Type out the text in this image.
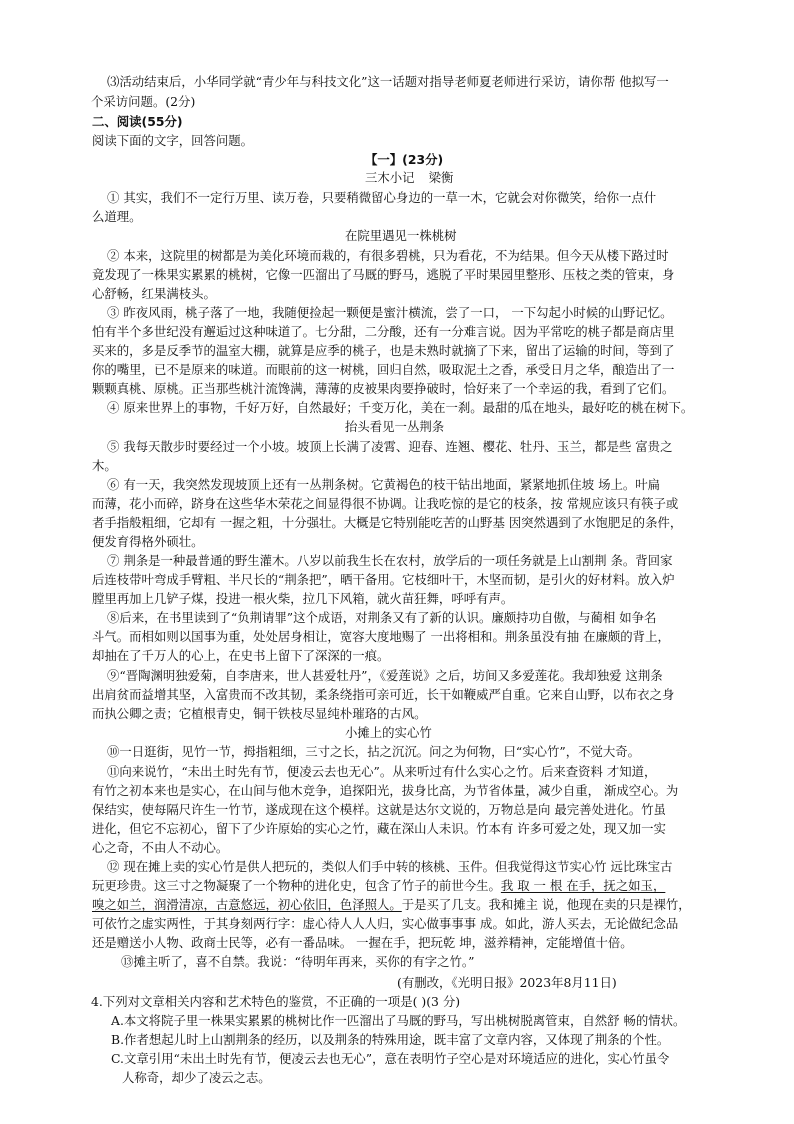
⑶活动结束后，小华同学就“青少年与科技文化”这一话题对指导老师夏老师进行采访，请你帮 他拟写一
个采访问题。(2分)
二、阅读(55分)
阅读下面的文字，回答问题。
【一】(23分)
三木小记 梁衡
① 其实，我们不一定行万里、读万卷，只要稍微留心身边的一草一木，它就会对你微笑，给你一点什
么道理。
在院里遇见一株桃树
② 本来，这院里的树都是为美化环境而栽的，有很多碧桃，只为看花，不为结果。但今天从楼下路过时
竟发现了一株果实累累的桃树，它像一匹溜出了马厩的野马，逃脱了平时果园里整形、压枝之类的管束，身
心舒畅，红果满枝头。
③ 昨夜风雨，桃子落了一地，我随便捡起一颗便是蜜汁横流，尝了一口， 一下勾起小时候的山野记忆。
怕有半个多世纪没有邂逅过这种味道了。七分甜，二分酸，还有一分难言说。因为平常吃的桃子都是商店里
买来的，多是反季节的温室大棚，就算是应季的桃子，也是未熟时就摘了下来，留出了运输的时间，等到了
你的嘴里，已不是原来的味道。而眼前的这一树桃，回归自然，吸取泥土之香，承受日月之华，酿造出了一
颗颗真桃、原桃。正当那些桃汁流馋满，薄薄的皮被果肉要挣破时，恰好来了一个幸运的我，看到了它们。
④ 原来世界上的事物，千好万好，自然最好；千变万化，美在一刹。最甜的瓜在地头，最好吃的桃在树下。
抬头看见一丛荆条
⑤ 我每天散步时要经过一个小坡。坡顶上长满了凌霄、迎春、连翘、樱花、牡丹、玉兰，都是些 富贵之
木。
⑥ 有一天，我突然发现坡顶上还有一丛荆条树。它黄褐色的枝干钻出地面，紧紧地抓住坡 场上。叶扁
而薄，花小而碎，跻身在这些华木荣花之间显得很不协调。让我吃惊的是它的枝条，按 常规应该只有筷子或
者手指般粗细，它却有 一握之粗，十分强壮。大概是它特别能吃苦的山野基 因突然遇到了水饱肥足的条件，
便发育得格外硕壮。
⑦ 荆条是一种最普通的野生灌木。八岁以前我生长在农村，放学后的一项任务就是上山割荆 条。背回家
后连枝带叶弯成手臂粗、半尺长的“荆条把”，晒干备用。它枝细叶干，木坚而韧，是引火的好材料。放入炉
膛里再加上几铲子煤，投进一根火柴，拉几下风箱，就火苗狂舞，呼呼有声。
⑧后来，在书里读到了“负荆请罪”这个成语，对荆条又有了新的认识。廉颇持功自傲，与蔺相 如争名
斗气。而相如则以国事为重，处处居身相让，宽容大度地赐了 一出将相和。荆条虽没有抽 在廉颇的背上，
却抽在了千万人的心上，在史书上留下了深深的一痕。
⑨“晋陶渊明独爱菊，自李唐来，世人甚爱牡丹”，《爱莲说》之后，坊间又多爱莲花。我却独爱 这荆条
出肩贫而益增其坚，入富贵而不改其韧，柔条绕指可亲可近，长干如鞭威严自重。它来自山野，以布衣之身
而执公卿之责；它植根青史，铜干铁枝尽显纯朴璀珞的古风。
小摊上的实心竹
⑩一日逛街，见竹一节，拇指粗细，三寸之长，拈之沉沉。问之为何物，曰“实心竹”，不觉大奇。
⑪向来说竹，“未出土时先有节，便凌云去也无心”。从来听过有什么实心之竹。后来查资料 才知道，
有竹之初本来也是实心，在山间与他木竞争，追探阳光，拔身比高，为节省体量，减少自重， 渐成空心。为
保结实，使每隔尺许生一竹节，遂成现在这个模样。这就是达尔文说的，万物总是向 最完善处进化。竹虽
进化，但它不忘初心，留下了少许原始的实心之竹，藏在深山人未识。竹本有 许多可爱之处，现又加一实
心之奇，不由人不动心。
⑫ 现在摊上卖的实心竹是供人把玩的，类似人们手中转的核桃、玉件。但我觉得这节实心竹 远比珠宝古
玩更珍贵。这三寸之物凝聚了一个物种的进化史，包含了竹子的前世今生。我 取 一 根 在手，抚之如玉，
嗅之如兰，润滑清凉，古意悠远，初心依旧，色泽照人。于是买了几支。我和摊主 说，他现在卖的只是裸竹，
可依竹之虚实两性，于其身刻两行字：虚心待人人人归，实心做事事事 成。如此，游人买去，无论做纪念品
还是赠送小人物、政商士民等，必有一番品味。 一握在手，把玩乾 坤，滋养精神，定能增值十倍。
⑬摊主听了，喜不自禁。我说：“待明年再来，买你的有字之竹。”
(有删改，《光明日报》2023年8月11日)
4.下列对文章相关内容和艺术特色的鉴赏，不正确的一项是( )(3 分)
A.本文将院子里一株果实累累的桃树比作一匹溜出了马厩的野马，写出桃树脱离管束，自然舒 畅的情状。
B.作者想起儿时上山割荆条的经历，以及荆条的特殊用途，既丰富了文章内容，又体现了荆条的个性。
C.文章引用“未出土时先有节，便凌云去也无心”，意在表明竹子空心是对环境适应的进化，实心竹虽令
人称奇，却少了凌云之志。
